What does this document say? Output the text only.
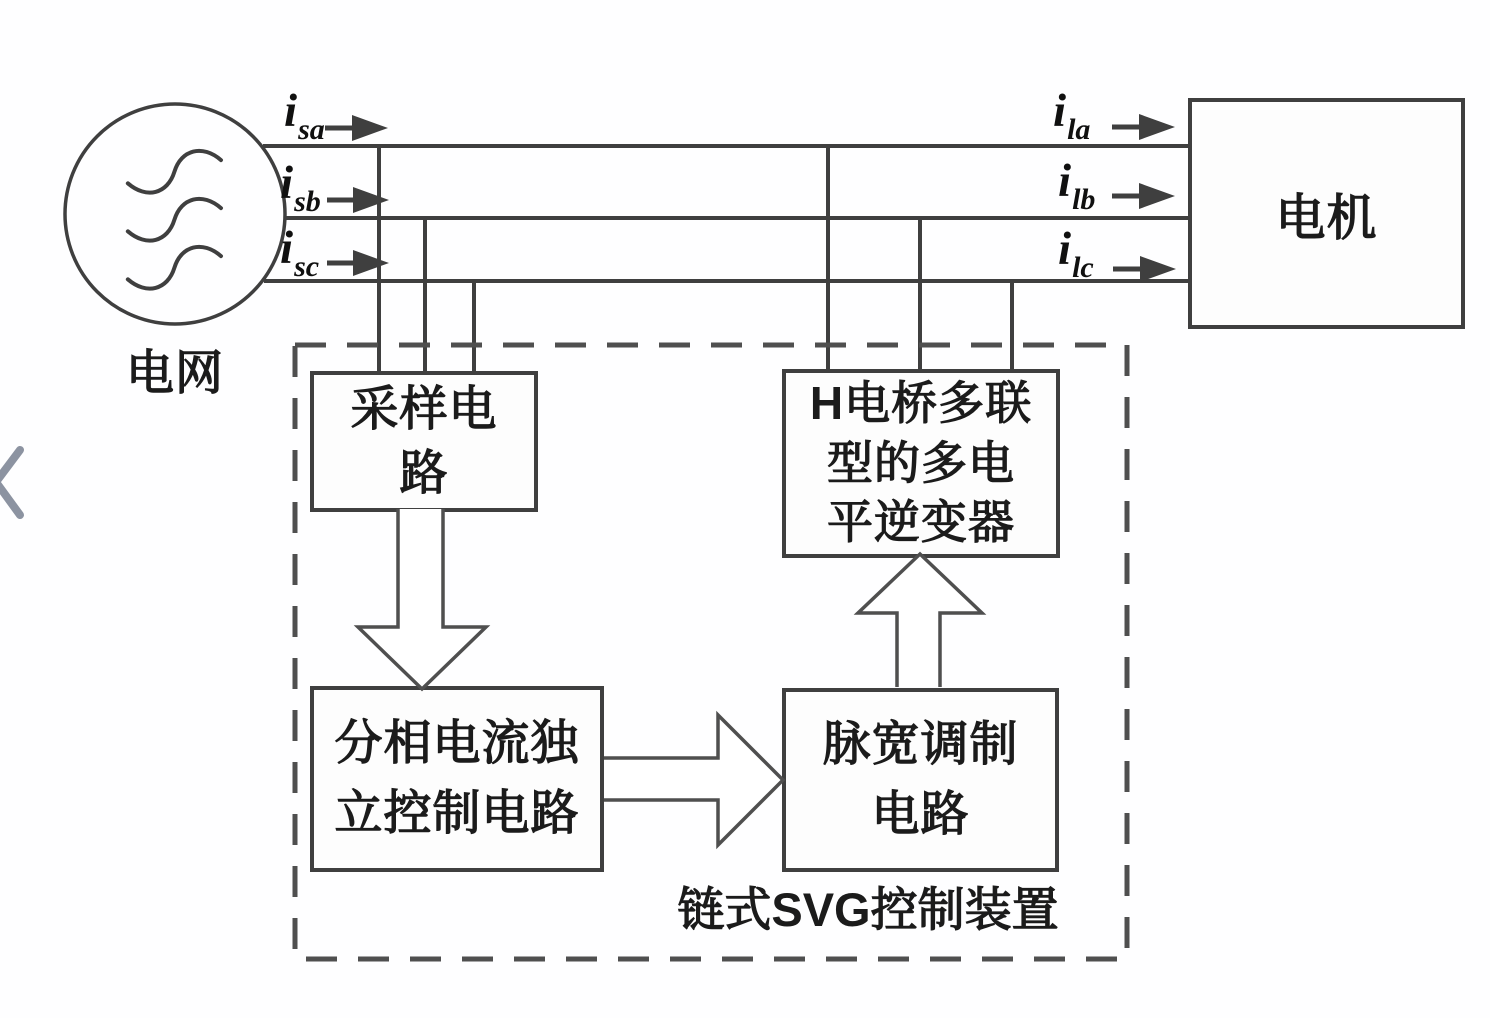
电网
电机
采样电
路
H电桥多联
型的多电
平逆变器
分相电流独
立控制电路
脉宽调制
电路
链式SVG控制装置
isa
isb
isc
ila
ilb
ilc
